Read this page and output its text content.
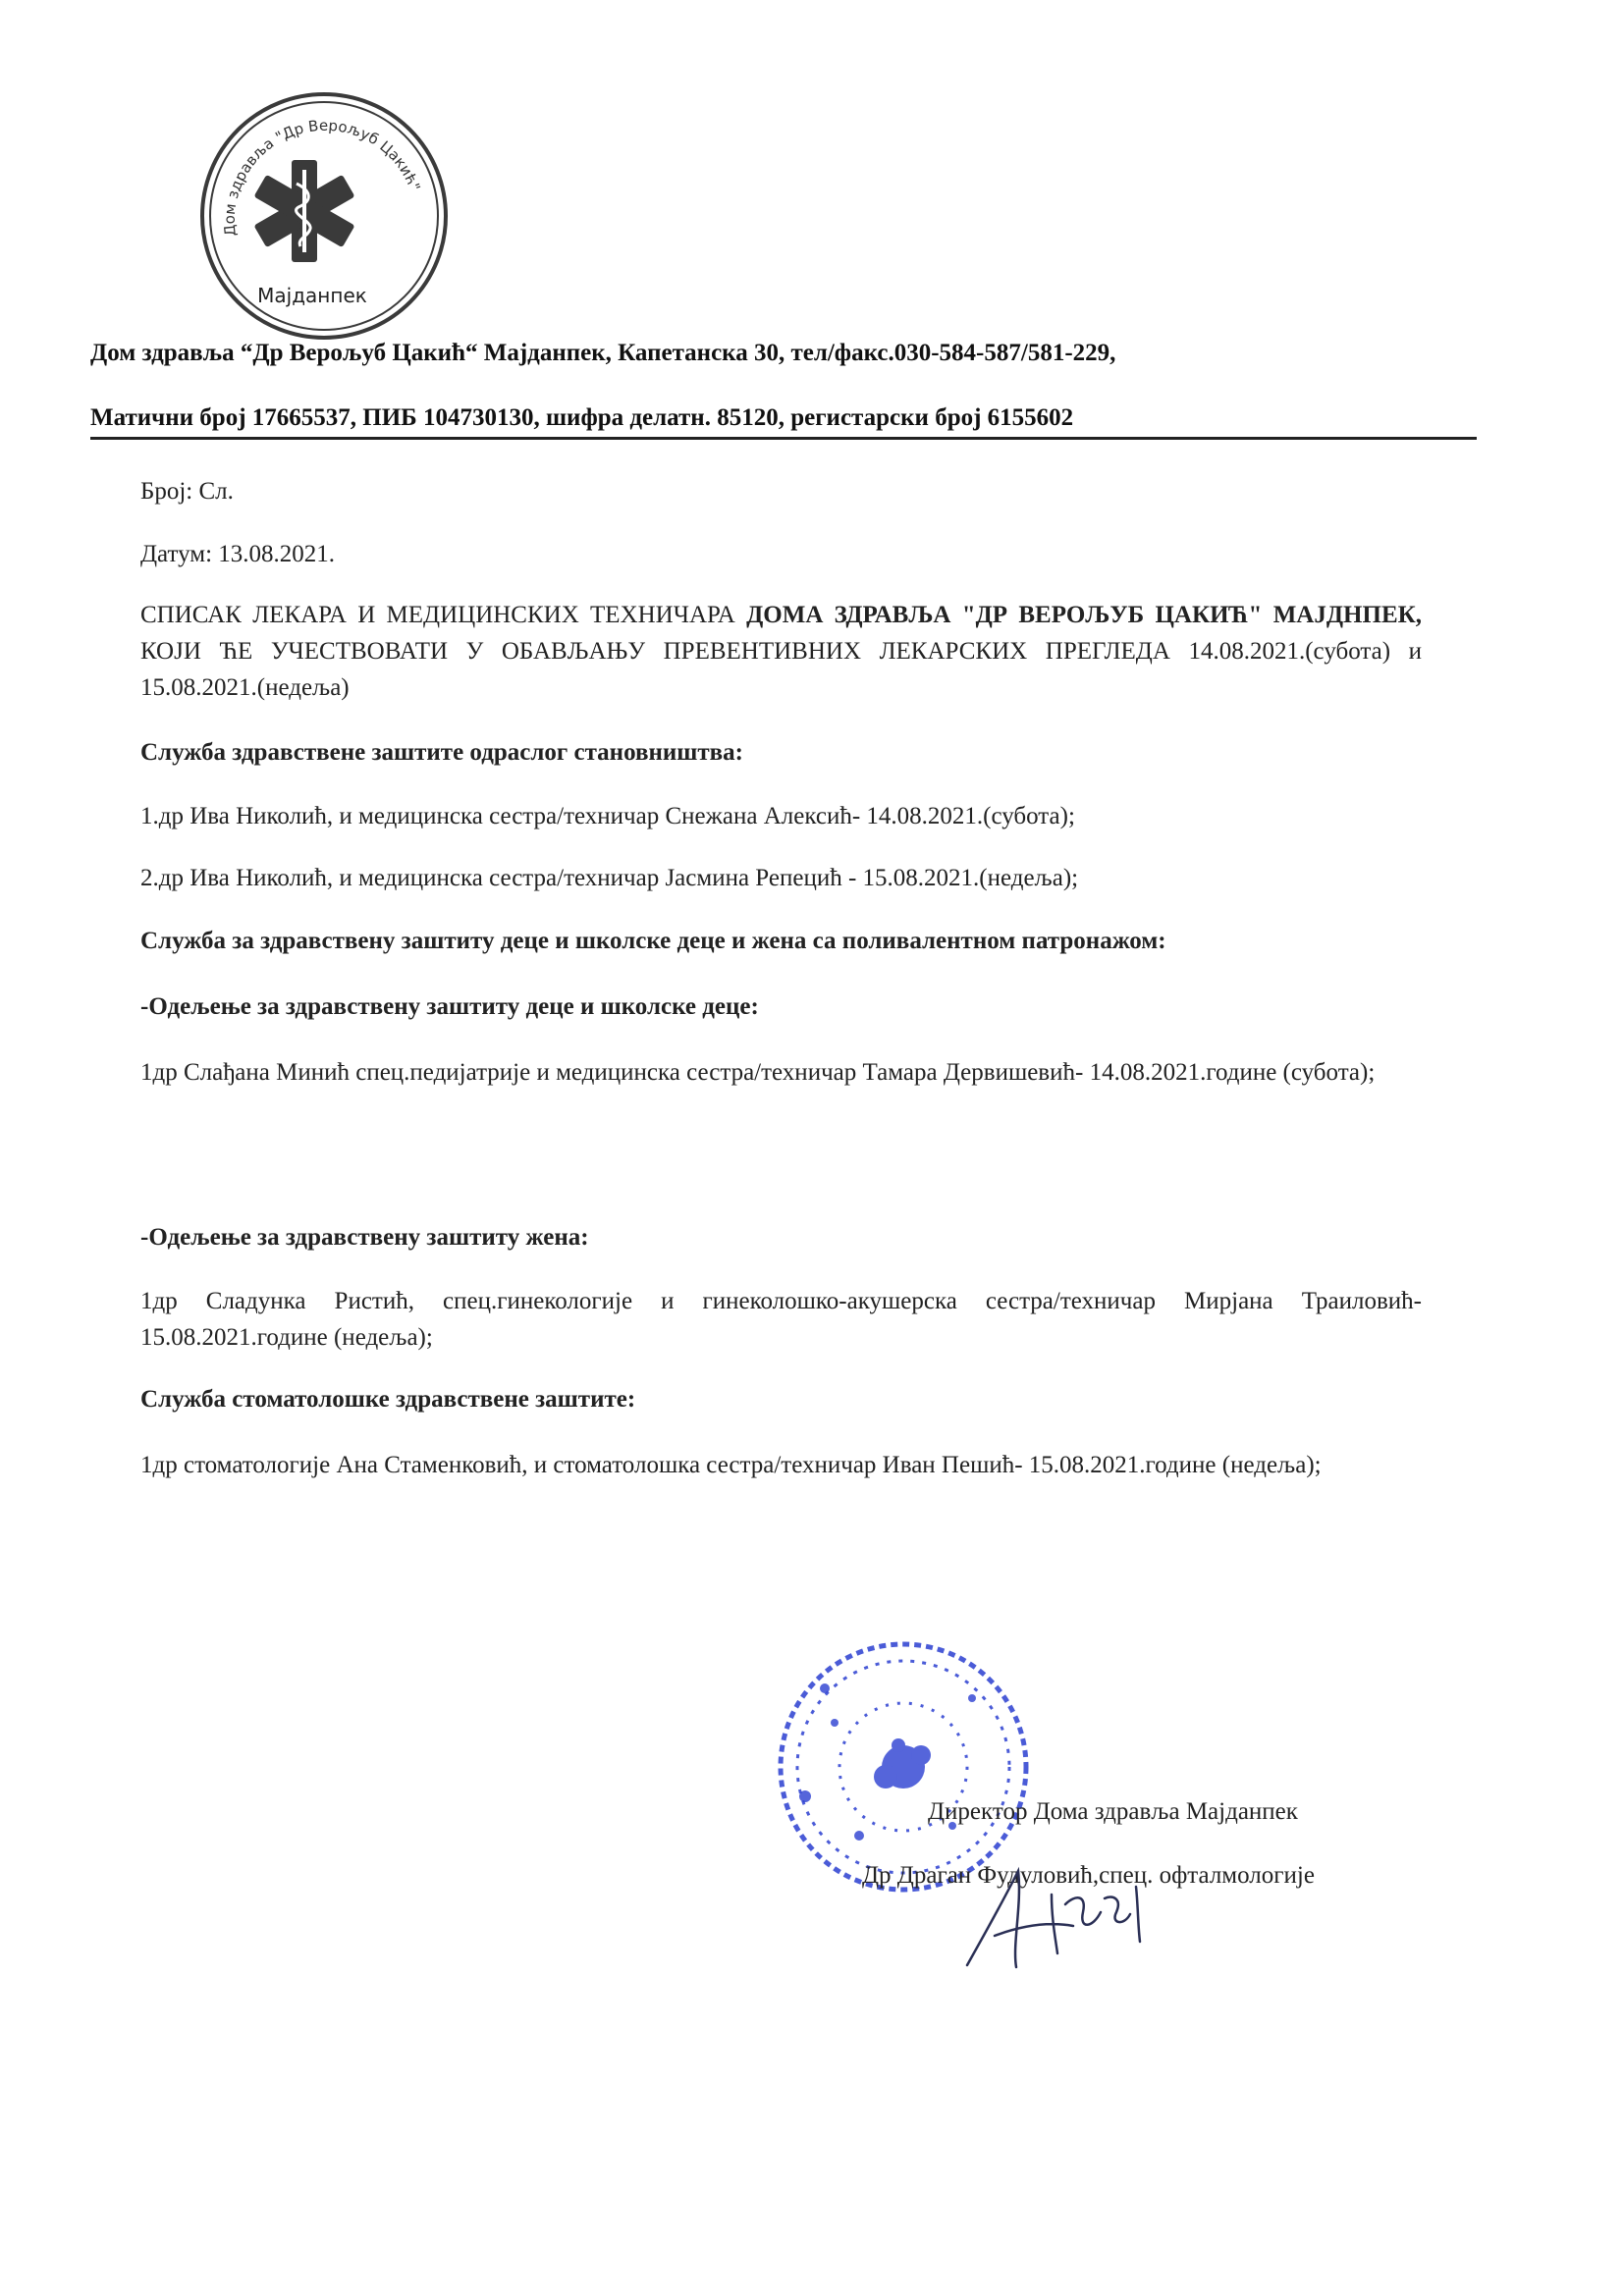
Дом здравља "Др Верољуб Цакић"
Мајданпек
Дом здравља “Др Верољуб Цакић“ Мајданпек, Капетанска 30, тел/факс.030-584-587/581-229,
Матични број 17665537, ПИБ 104730130, шифра делатн. 85120, регистарски број 6155602
Број: Сл.
Датум: 13.08.2021.
СПИСАК ЛЕКАРА И МЕДИЦИНСКИХ ТЕХНИЧАРА ДОМА ЗДРАВЉА "ДР ВЕРОЉУБ ЦАКИЋ" МАЈДНПЕК, КОЈИ ЋЕ УЧЕСТВОВАТИ У ОБАВЉАЊУ ПРЕВЕНТИВНИХ ЛЕКАРСКИХ ПРЕГЛЕДА 14.08.2021.(субота) и 15.08.2021.(недеља)
Служба здравствене заштите одраслог становништва:
1.др Ива Николић, и медицинска сестра/техничар Снежана Алексић- 14.08.2021.(субота);
2.др Ива Николић, и медицинска сестра/техничар Јасмина Репецић - 15.08.2021.(недеља);
Служба за здравствену заштиту деце и школске деце и жена са поливалентном патронажом:
-Одељење за здравствену заштиту деце и школске деце:
1др Слађана Минић спец.педијатрије и медицинска сестра/техничар Тамара Дервишевић- 14.08.2021.године (субота);
-Одељење за здравствену заштиту жена:
1др Сладунка Ристић, спец.гинекологије и гинеколошко-акушерска сестра/техничар Мирјана Траиловић- 15.08.2021.године (недеља);
Служба стоматолошке здравствене заштите:
1др стоматологије Ана Стаменковић, и стоматолошка сестра/техничар Иван Пешић- 15.08.2021.године (недеља);
Директор Дома здравља Мајданпек
Др Драган Фудуловић,спец. офталмологије
